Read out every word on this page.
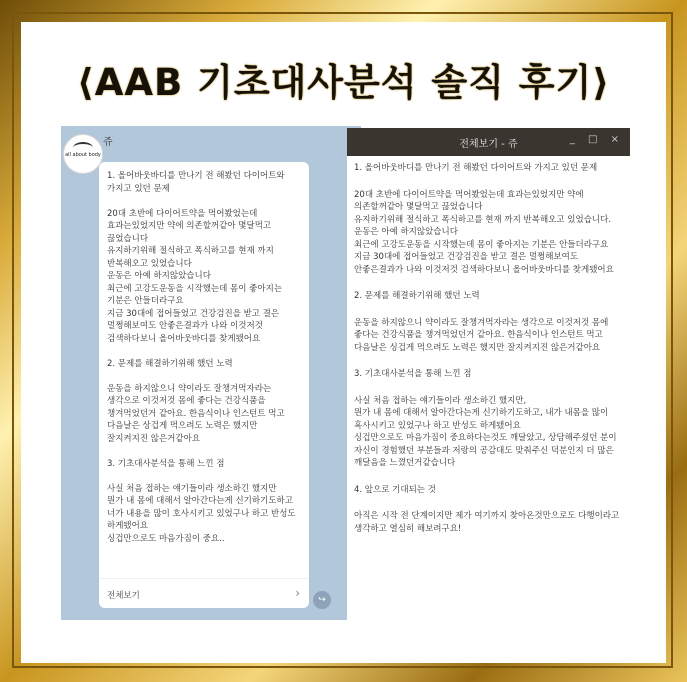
⟨AAB 기초대사분석 솔직 후기⟩
all about body
쥬

1. 올어바웃바디를 만나기 전 해봤던 다이어트와 가지고 있던 문제

20대 초반에 다이어트약을 먹어봤었는데 효과는있었지만 약에 의존할꺼같아 몇달먹고 끊었습니다

유지하기위해 절식하고 폭식하고를 현재 까지 반복해오고 있었습니다

운동은 아예 하지않았습니다

최근에 고강도운동을 시작했는데 몸이 좋아지는 기분은 안들더라구요

지금 30대에 접어들었고 건강검진을 받고 결은 멀쩡해보여도 안좋은결과가 나와 이것저것 검색하다보니 올어바웃바디를 찾게됐어요

2. 문제를 해결하기위해 했던 노력

운동을 하지않으니 약이라도 잘챙겨먹자라는 생각으로 이것저것 몸에 좋다는 건강식품을 챙겨먹었던거 같아요. 한음식이나 인스턴트 먹고 다음날은 상겁게 먹으려도 노력은 했지만 잘지켜지진 않은거같아요

3. 기초대사분석을 통해 느낀 점

사실 처음 접하는 얘기들이라 생소하긴 했지만

뭔가 내 몸에 대해서 알아간다는게 신기하기도하고 너가 내용을 많이 호사시키고 있었구나 하고 반성도 하게됐어요

싱겁만으로도 마음가짐이 중요..

전체보기	›	↪
전체보기 - 쥬	_ □ ×

1. 올어바웃바디를 만나기 전 해봤던 다이어트와 가지고 있던 문제

20대 초반에 다이어트약을 먹어봤었는데 효과는있었지만 약에 의존할꺼같아 몇달먹고 끊었습니다

유지하기위해 절식하고 폭식하고를 현재 까지 반복해오고 있었습니다.

운동은 아예 하지않았습니다

최근에 고강도운동을 시작했는데 몸이 좋아지는 기분은 안들더라구요

지금 30대에 접어들었고 건강검진을 받고 결은 멀쩡해보여도 안좋은결과가 나와 이것저것 검색하다보니 올어바웃바디를 찾게됐어요

2. 문제를 해결하기위해 했던 노력

운동을 하지않으니 약이라도 잘챙겨먹자라는 생각으로 이것저것 몸에 좋다는 건강식품을 챙겨먹었던거 같아요. 한음식이나 인스턴트 먹고 다음날은 싱겁게 먹으려도 노력은 했지만 잘지켜지진 않은거같아요

3. 기초대사분석을 통해 느낀 점

사실 처음 접하는 얘기들이라 생소하긴 했지만,

뭔가 내 몸에 대해서 알아간다는게 신기하기도하고, 내가 내몸을 많이 혹사시키고 있었구나 하고 반성도 하게됐어요

싱겁만으로도 마음가짐이 중요하다는것도 깨달았고, 상담해주셨던 분이 자신이 경험했던 부분들과 저랑의 공감대도 맞춰주신 덕분인지 더 많은 깨달음을 느꼈던거같습니다

4. 앞으로 기대되는 것

아직은 시작 전 단계이지만 제가 여기까지 찾아온것만으로도 다행이라고 생각하고 열심히 해보려구요!
